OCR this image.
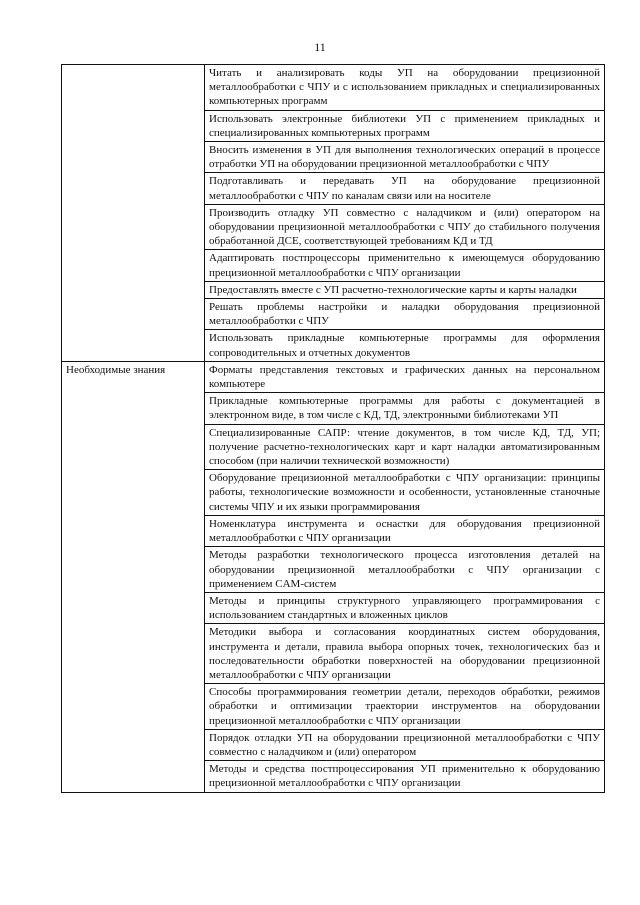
11
	Читать и анализировать коды УП на оборудовании прецизионной металлообработки с ЧПУ и с использованием прикладных и специализированных компьютерных программ
	Использовать электронные библиотеки УП с применением прикладных и специализированных компьютерных программ
	Вносить изменения в УП для выполнения технологических операций в процессе отработки УП на оборудовании прецизионной металлообработки с ЧПУ
	Подготавливать и передавать УП на оборудование прецизионной металлообработки с ЧПУ по каналам связи или на носителе
	Производить отладку УП совместно с наладчиком и (или) оператором на оборудовании прецизионной металлообработки с ЧПУ до стабильного получения обработанной ДСЕ, соответствующей требованиям КД и ТД
	Адаптировать постпроцессоры применительно к имеющемуся оборудованию прецизионной металлообработки с ЧПУ организации
	Предоставлять вместе с УП расчетно-технологические карты и карты наладки
	Решать проблемы настройки и наладки оборудования прецизионной металлообработки с ЧПУ
	Использовать прикладные компьютерные программы для оформления сопроводительных и отчетных документов
Необходимые знания	Форматы представления текстовых и графических данных на персональном компьютере
	Прикладные компьютерные программы для работы с документацией в электронном виде, в том числе с КД, ТД, электронными библиотеками УП
	Специализированные САПР: чтение документов, в том числе КД, ТД, УП; получение расчетно-технологических карт и карт наладки автоматизированным способом (при наличии технической возможности)
	Оборудование прецизионной металлообработки с ЧПУ организации: принципы работы, технологические возможности и особенности, установленные станочные системы ЧПУ и их языки программирования
	Номенклатура инструмента и оснастки для оборудования прецизионной металлообработки с ЧПУ организации
	Методы разработки технологического процесса изготовления деталей на оборудовании прецизионной металлообработки с ЧПУ организации с применением CAM-систем
	Методы и принципы структурного управляющего программирования с использованием стандартных и вложенных циклов
	Методики выбора и согласования координатных систем оборудования, инструмента и детали, правила выбора опорных точек, технологических баз и последовательности обработки поверхностей на оборудовании прецизионной металлообработки с ЧПУ организации
	Способы программирования геометрии детали, переходов обработки, режимов обработки и оптимизации траектории инструментов на оборудовании прецизионной металлообработки с ЧПУ организации
	Порядок отладки УП на оборудовании прецизионной металлообработки с ЧПУ совместно с наладчиком и (или) оператором
	Методы и средства постпроцессирования УП применительно к оборудованию прецизионной металлообработки с ЧПУ организации
